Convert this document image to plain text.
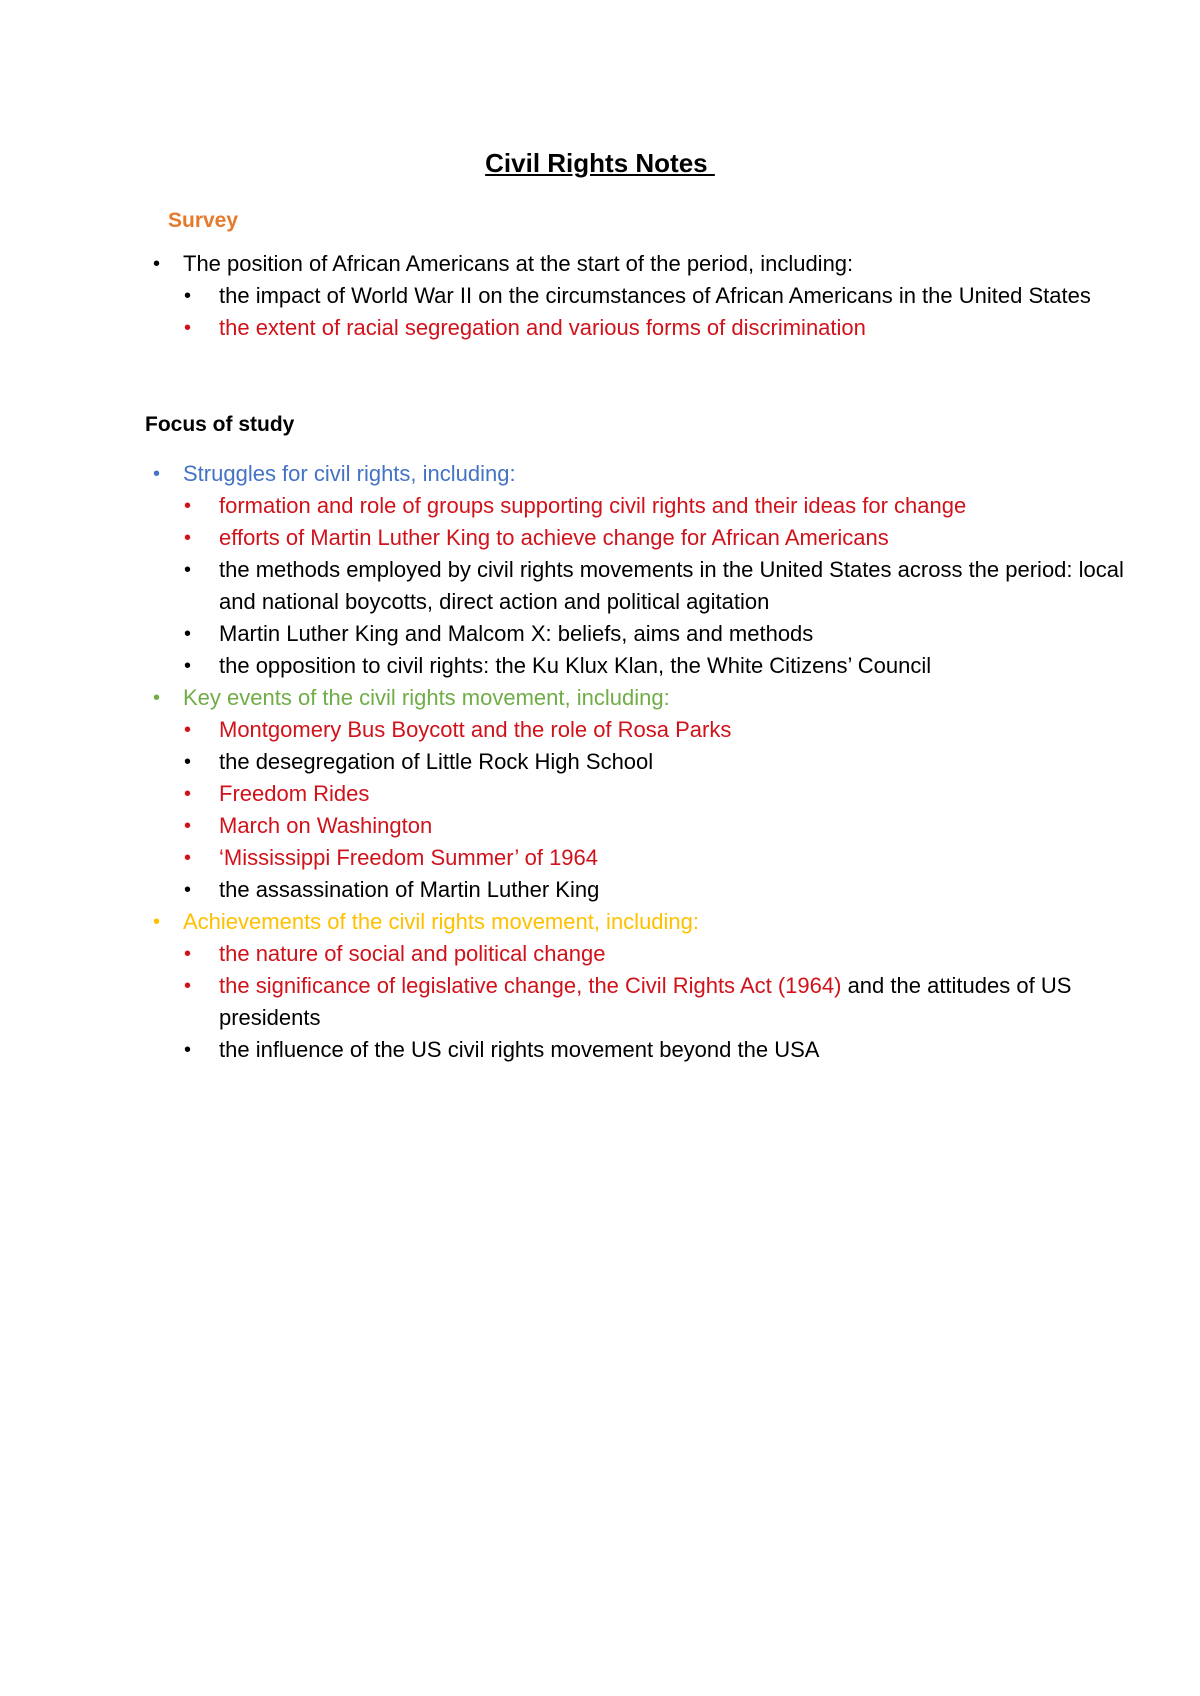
Civil Rights Notes
Survey
• The position of African Americans at the start of the period, including:
• the impact of World War II on the circumstances of African Americans in the United States
• the extent of racial segregation and various forms of discrimination
Focus of study
• Struggles for civil rights, including:
• formation and role of groups supporting civil rights and their ideas for change
• efforts of Martin Luther King to achieve change for African Americans
• the methods employed by civil rights movements in the United States across the period: local and national boycotts, direct action and political agitation
• Martin Luther King and Malcom X: beliefs, aims and methods
• the opposition to civil rights: the Ku Klux Klan, the White Citizens’ Council
• Key events of the civil rights movement, including:
• Montgomery Bus Boycott and the role of Rosa Parks
• the desegregation of Little Rock High School
• Freedom Rides
• March on Washington
• ‘Mississippi Freedom Summer’ of 1964
• the assassination of Martin Luther King
• Achievements of the civil rights movement, including:
• the nature of social and political change
• the significance of legislative change, the Civil Rights Act (1964) and the attitudes of US presidents
• the influence of the US civil rights movement beyond the USA
